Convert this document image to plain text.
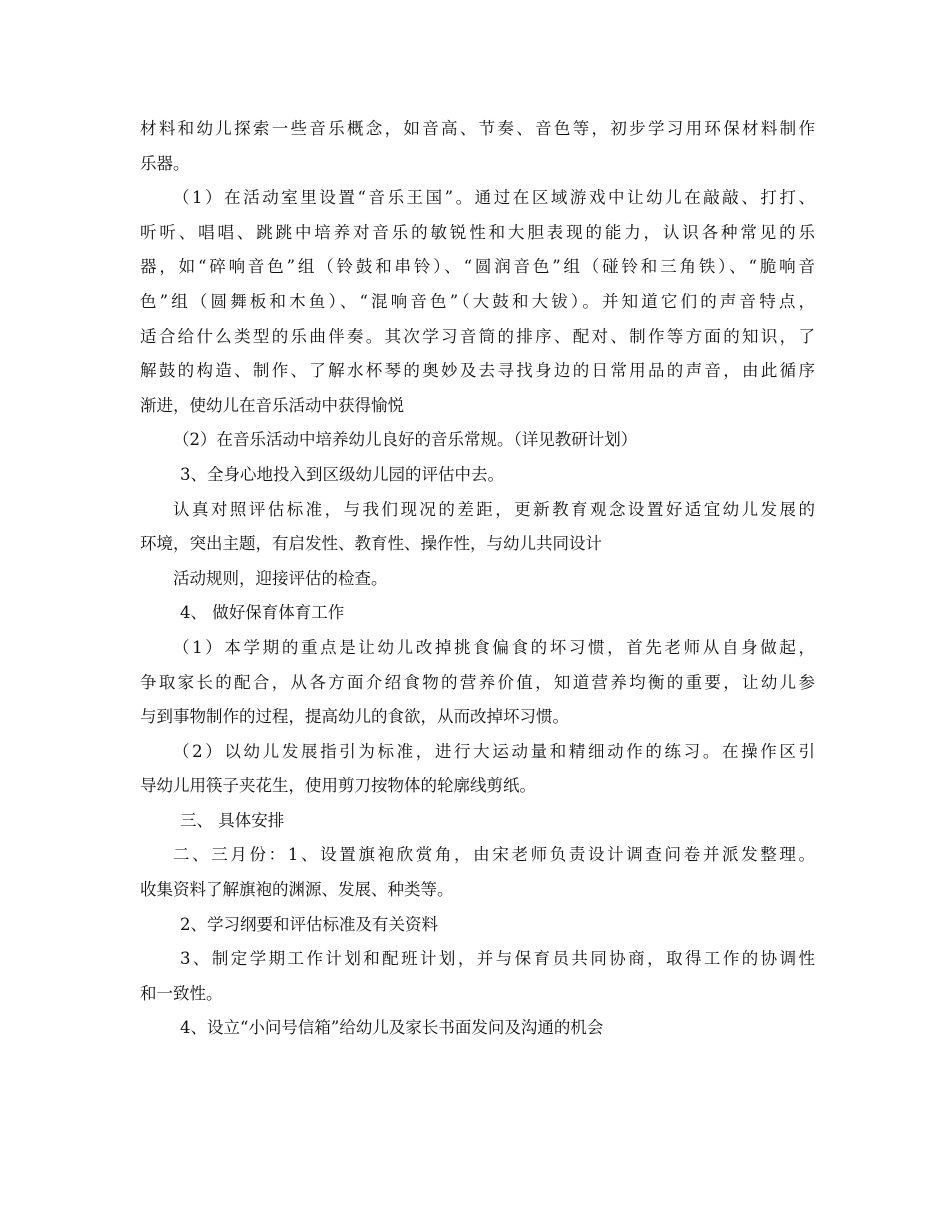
材料和幼儿探索一些音乐概念，如音高、节奏、音色等，初步学习用环保材料制作
乐器。
（1）在活动室里设置“音乐王国”。通过在区域游戏中让幼儿在敲敲、打打、
听听、唱唱、跳跳中培养对音乐的敏锐性和大胆表现的能力，认识各种常见的乐
器，如“碎响音色”组（铃鼓和串铃）、“圆润音色”组（碰铃和三角铁）、“脆响音
色”组（圆舞板和木鱼）、“混响音色”（大鼓和大钹）。并知道它们的声音特点，
适合给什么类型的乐曲伴奏。其次学习音筒的排序、配对、制作等方面的知识，了
解鼓的构造、制作、了解水杯琴的奥妙及去寻找身边的日常用品的声音，由此循序
渐进，使幼儿在音乐活动中获得愉悦
（2）在音乐活动中培养幼儿良好的音乐常规。（详见教研计划）
3、全身心地投入到区级幼儿园的评估中去。
认真对照评估标准，与我们现况的差距，更新教育观念设置好适宜幼儿发展的
环境，突出主题，有启发性、教育性、操作性，与幼儿共同设计
活动规则，迎接评估的检查。
4、 做好保育体育工作
（1）本学期的重点是让幼儿改掉挑食偏食的坏习惯，首先老师从自身做起，
争取家长的配合，从各方面介绍食物的营养价值，知道营养均衡的重要，让幼儿参
与到事物制作的过程，提高幼儿的食欲，从而改掉坏习惯。
（2）以幼儿发展指引为标准，进行大运动量和精细动作的练习。在操作区引
导幼儿用筷子夹花生，使用剪刀按物体的轮廓线剪纸。
三、 具体安排
二、三月份：1、设置旗袍欣赏角，由宋老师负责设计调查问卷并派发整理。
收集资料了解旗袍的渊源、发展、种类等。
2、学习纲要和评估标准及有关资料
3、制定学期工作计划和配班计划，并与保育员共同协商，取得工作的协调性
和一致性。
4、设立“小问号信箱”给幼儿及家长书面发问及沟通的机会
